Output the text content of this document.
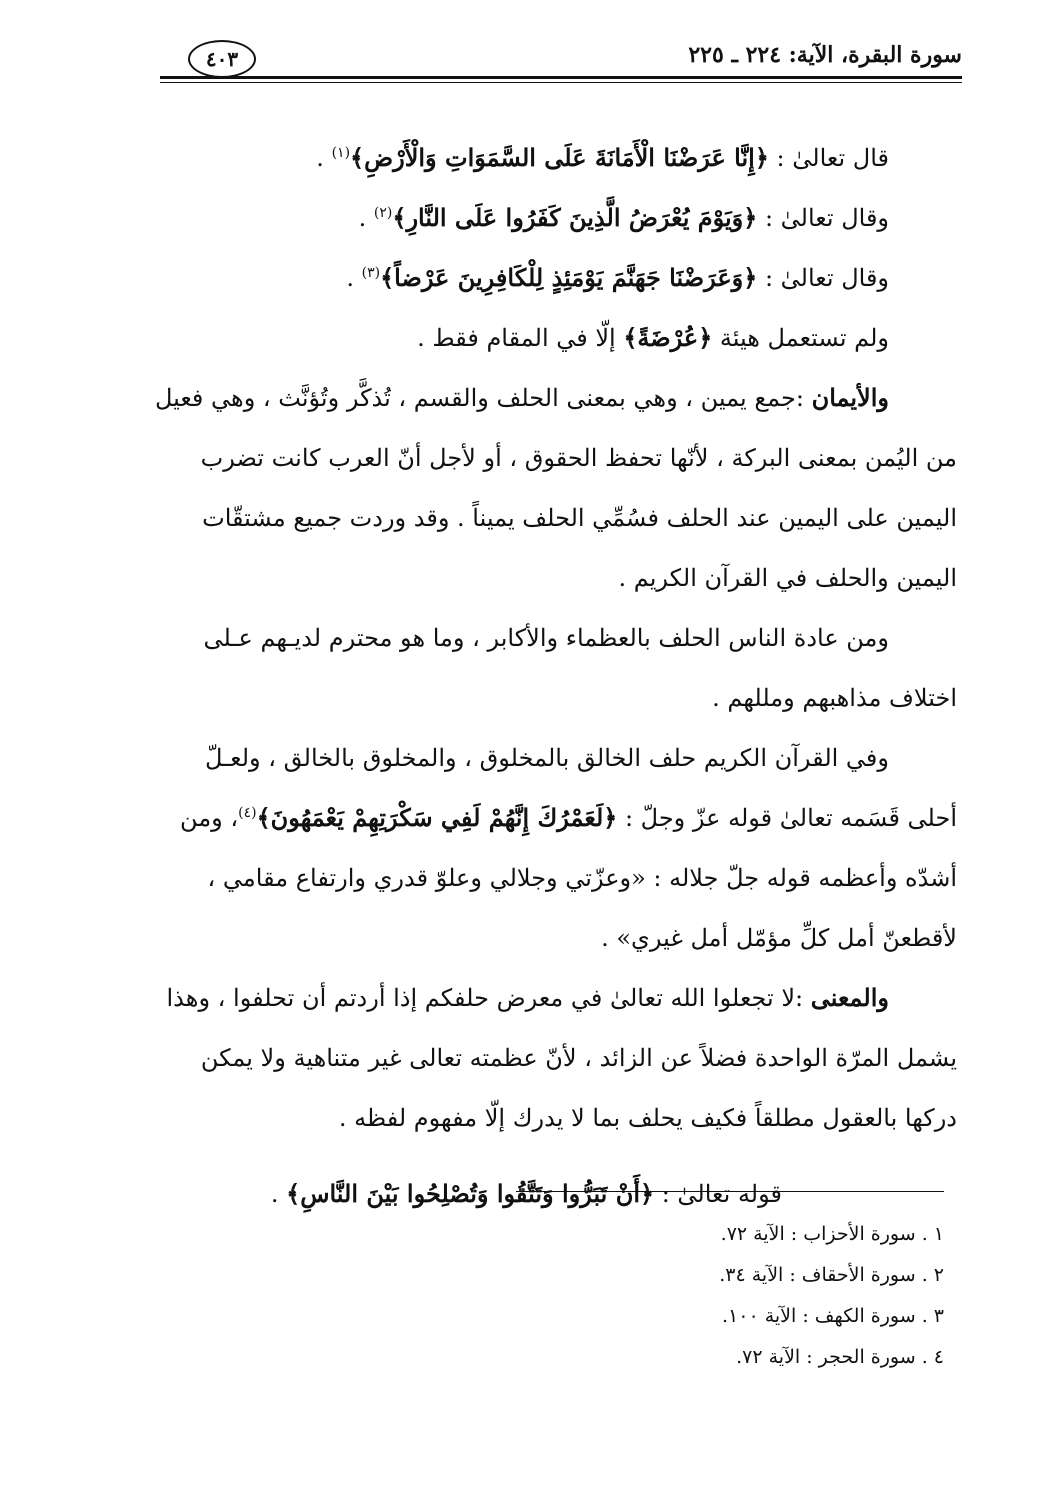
سورة البقرة، الآية: ٢٢٤ ـ ٢٢٥
٤٠٣
قال تعالىٰ : ﴿إِنَّا عَرَضْنَا الْأَمَانَةَ عَلَى السَّمَوَاتِ وَالْأَرْضِ﴾$^{(١)}$ .
وقال تعالىٰ : ﴿وَيَوْمَ يُعْرَضُ الَّذِينَ كَفَرُوا عَلَى النَّارِ﴾$^{(٢)}$ .
وقال تعالىٰ : ﴿وَعَرَضْنَا جَهَنَّمَ يَوْمَئِذٍ لِلْكَافِرِينَ عَرْضاً﴾$^{(٣)}$ .
ولم تستعمل هيئة ﴿عُرْضَةً﴾ إلّا في المقام فقط .
والأيمان :جمع يمين ، وهي بمعنى الحلف والقسم ، تُذكَّر وتُؤنَّث ، وهي فعيل
من اليُمن بمعنى البركة ، لأنّها تحفظ الحقوق ، أو لأجل أنّ العرب كانت تضرب
اليمين على اليمين عند الحلف فسُمِّي الحلف يميناً . وقد وردت جميع مشتقّات
اليمين والحلف في القرآن الكريم .
ومن عادة الناس الحلف بالعظماء والأكابر ، وما هو محترم لديـهم عـلى
اختلاف مذاهبهم ومللهم .
وفي القرآن الكريم حلف الخالق بالمخلوق ، والمخلوق بالخالق ، ولعـلّ
أحلى قَسَمه تعالىٰ قوله عزّ وجلّ : ﴿لَعَمْرُكَ إِنَّهُمْ لَفِي سَكْرَتِهِمْ يَعْمَهُونَ﴾$^{(٤)}$، ومن
أشدّه وأعظمه قوله جلّ جلاله : «وعزّتي وجلالي وعلوّ قدري وارتفاع مقامي ،
لأقطعنّ أمل كلِّ مؤمّل أمل غيري» .
والمعنى :لا تجعلوا الله تعالىٰ في معرض حلفكم إذا أردتم أن تحلفوا ، وهذا
يشمل المرّة الواحدة فضلاً عن الزائد ، لأنّ عظمته تعالى غير متناهية ولا يمكن
دركها بالعقول مطلقاً فكيف يحلف بما لا يدرك إلّا مفهوم لفظه .
قوله تعالىٰ : ﴿أَنْ تَبَرُّوا وَتَتَّقُوا وَتُصْلِحُوا بَيْنَ النَّاسِ﴾ .
١ . سورة الأحزاب : الآية ٧٢.
٢ . سورة الأحقاف : الآية ٣٤.
٣ . سورة الكهف : الآية ١٠٠.
٤ . سورة الحجر : الآية ٧٢.
